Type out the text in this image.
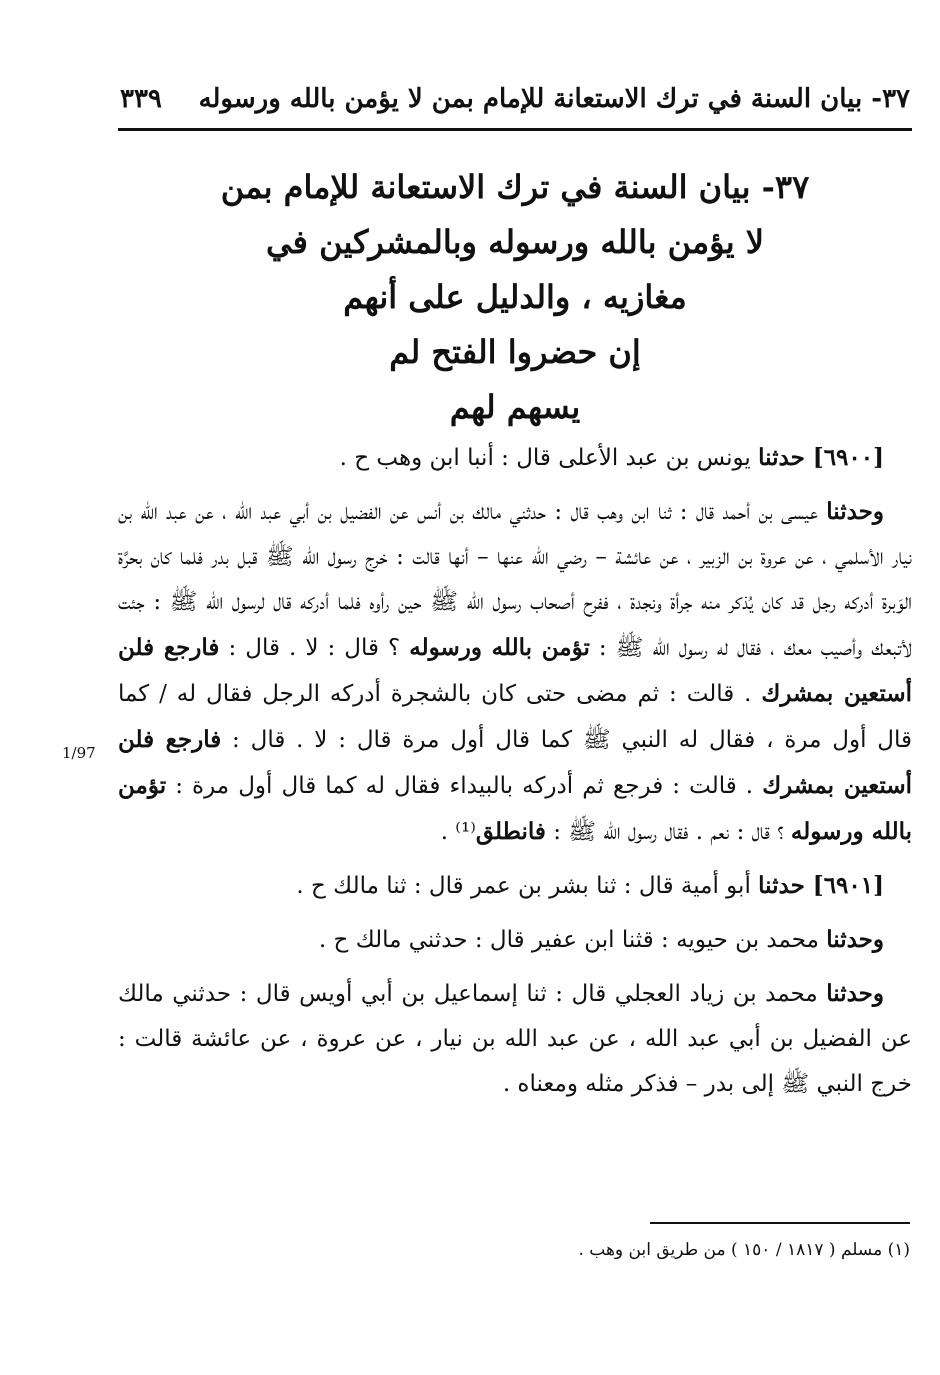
٣٧- بيان السنة في ترك الاستعانة للإمام بمن لا يؤمن بالله ورسوله
٣٣٩
٣٧- بيان السنة في ترك الاستعانة للإمام بمن
لا يؤمن بالله ورسوله وبالمشركين في
مغازيه ، والدليل على أنهم
إن حضروا الفتح لم
يسهم لهم
1/97

[٦٩٠٠] حدثنا يونس بن عبد الأعلى قال : أنبا ابن وهب ح .

وحدثنا عيسى بن أحمد قال : ثنا ابن وهب قال : حدثني مالك بن أنس عن الفضيل بن أبي عبد الله ، عن عبد الله بن نيار الأسلمي ، عن عروة بن الزبير ، عن عائشة – رضي الله عنها – أنها قالت : خرج رسول الله ﷺ قبل بدر فلما كان بحرَّة الوَبرة أدركه رجل قد كان يُذكر منه جرأة ونجدة ، ففرح أصحاب رسول الله ﷺ حين رأوه فلما أدركه قال لرسول الله ﷺ : جئت لأتبعك وأصيب معك ، فقال له رسول الله ﷺ : تؤمن بالله ورسوله ؟ قال : لا . قال : فارجع فلن أستعين بمشرك . قالت : ثم مضى حتى كان بالشجرة أدركه الرجل فقال له / كما قال أول مرة ، فقال له النبي ﷺ كما قال أول مرة قال : لا . قال : فارجع فلن أستعين بمشرك . قالت : فرجع ثم أدركه بالبيداء فقال له كما قال أول مرة : تؤمن بالله ورسوله ؟ قال : نعم . فقال رسول الله ﷺ : فانطلق⁽¹⁾ .

[٦٩٠١] حدثنا أبو أمية قال : ثنا بشر بن عمر قال : ثنا مالك ح .

وحدثنا محمد بن حيويه : قثنا ابن عفير قال : حدثني مالك ح .

وحدثنا محمد بن زياد العجلي قال : ثنا إسماعيل بن أبي أويس قال : حدثني مالك عن الفضيل بن أبي عبد الله ، عن عبد الله بن نيار ، عن عروة ، عن عائشة قالت : خرج النبي ﷺ إلى بدر – فذكر مثله ومعناه .

(١) مسلم ( ١٨١٧ / ١٥٠ ) من طريق ابن وهب .
